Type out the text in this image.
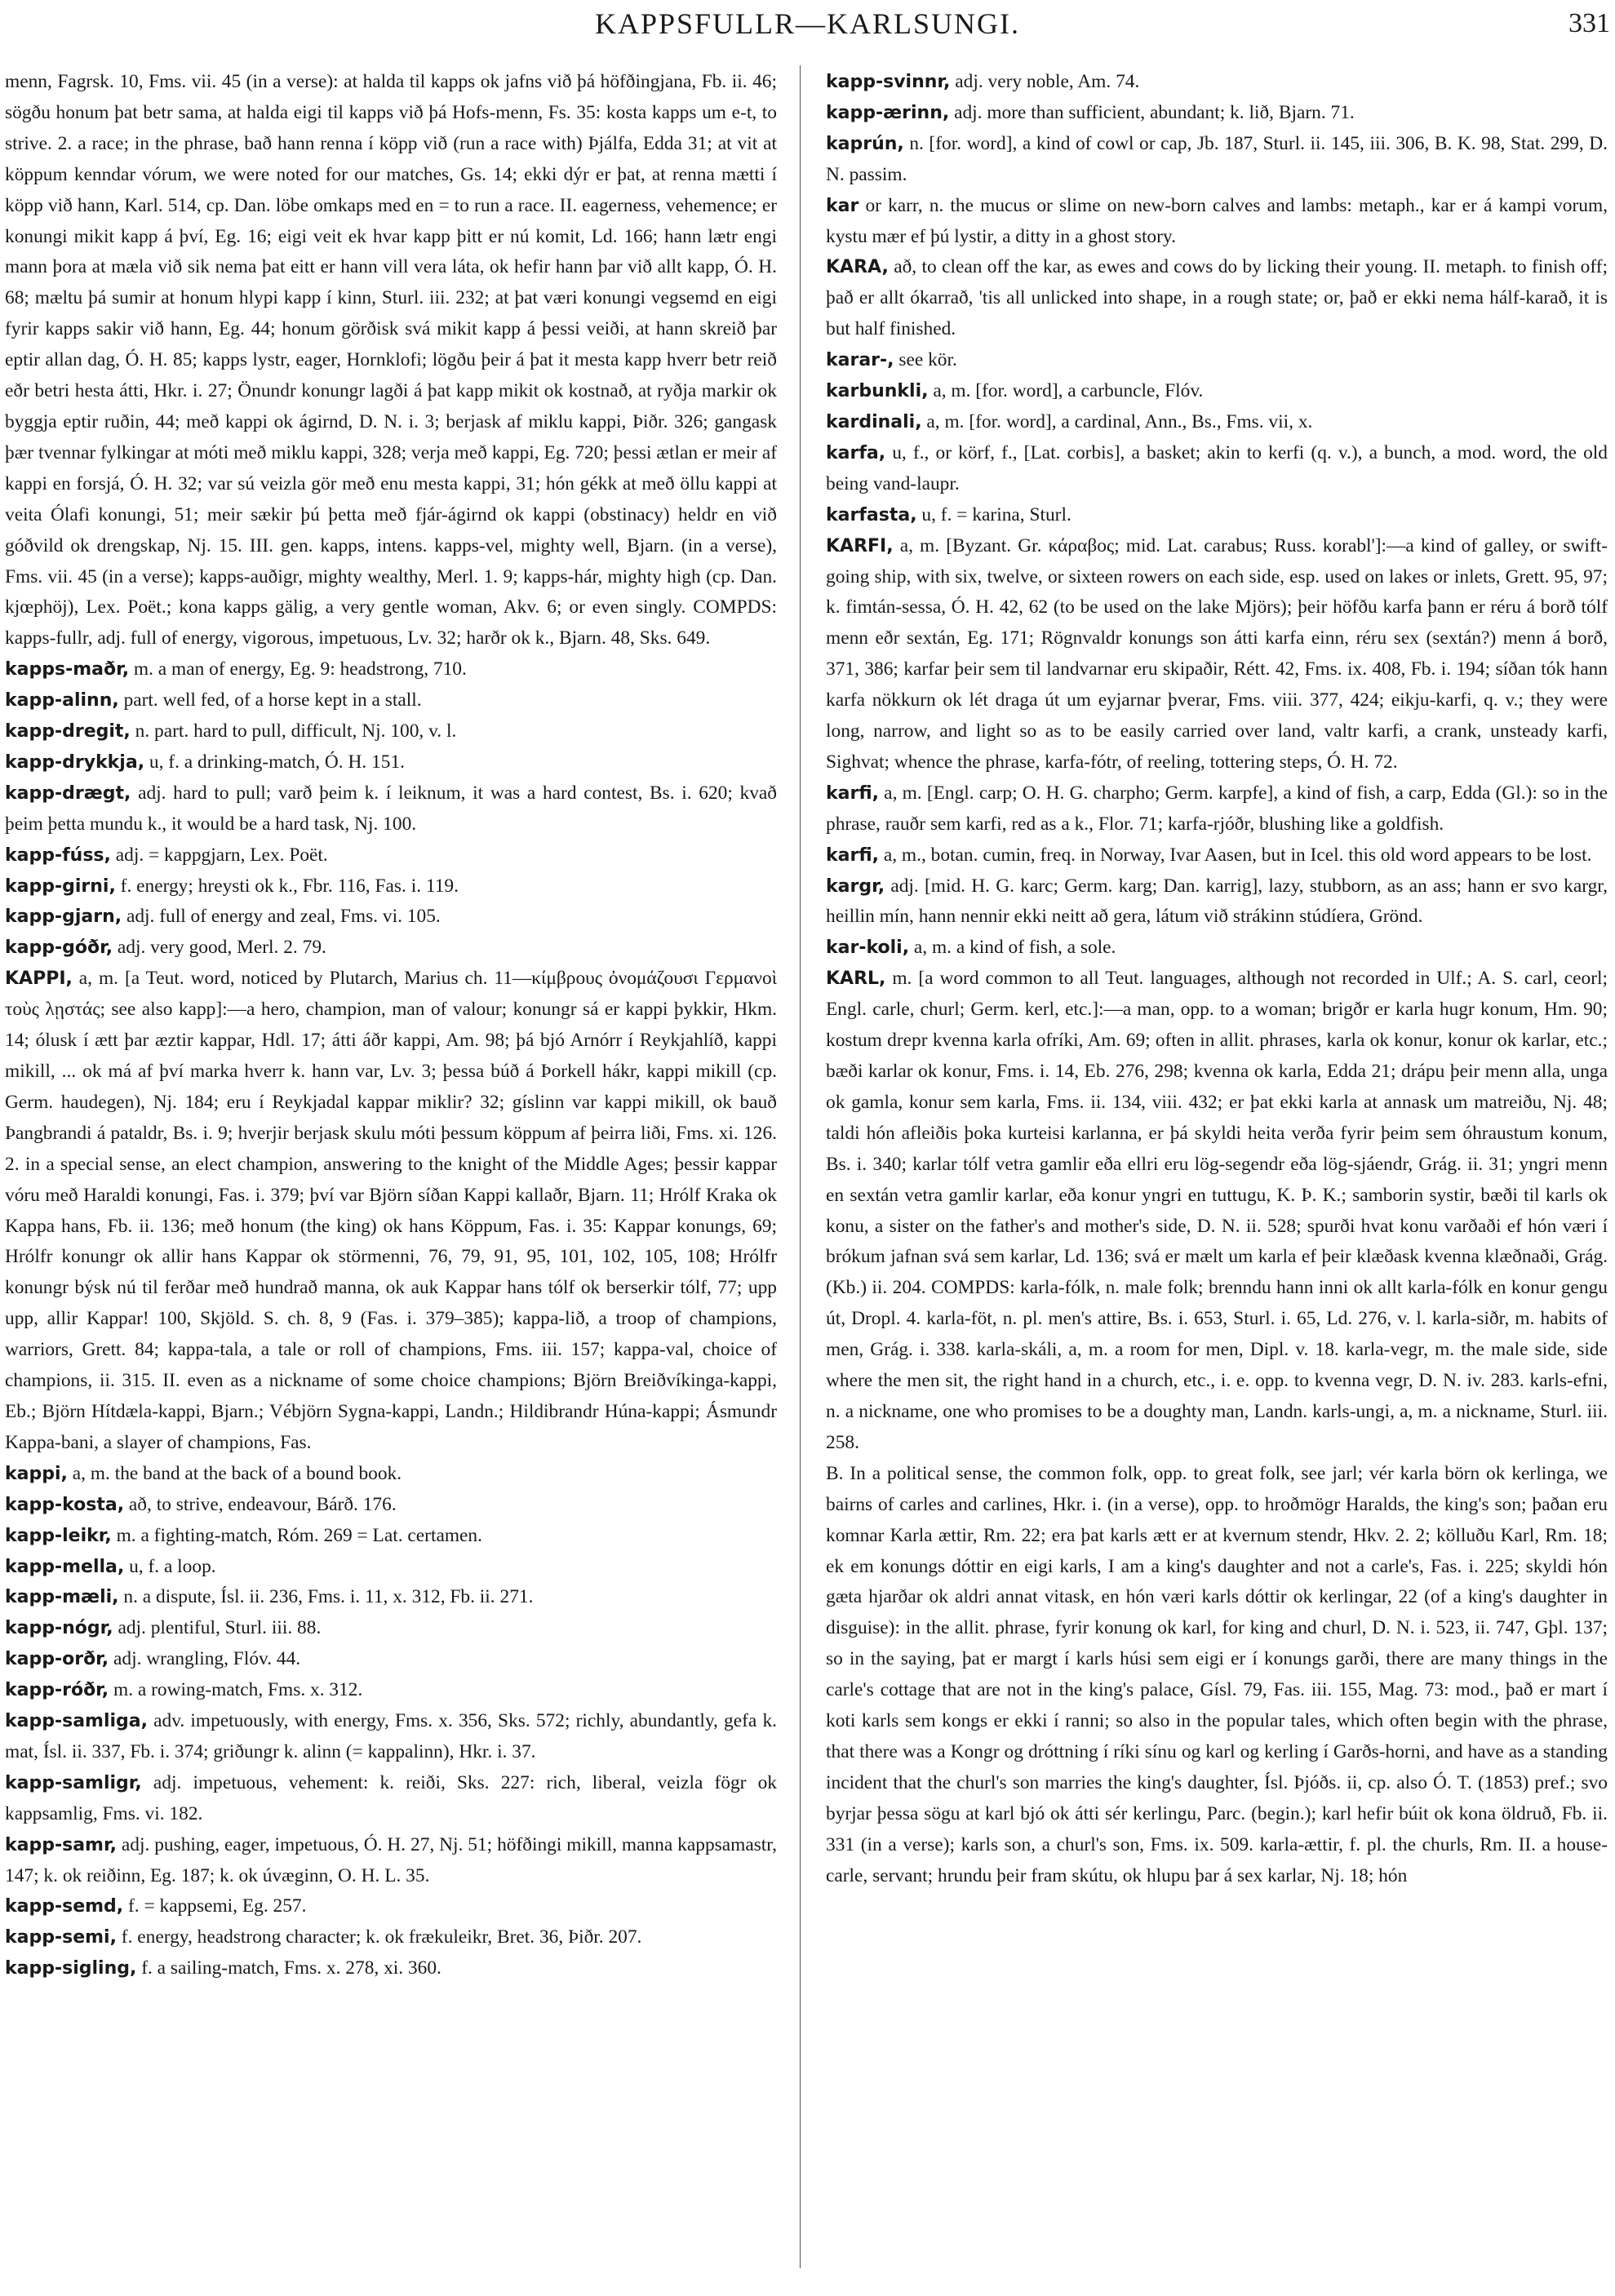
KAPPSFULLR—KARLSUNGI.	331

menn, Fagrsk. 10, Fms. vii. 45 (in a verse): at halda til kapps ok jafns við þá höfðingjana, Fb. ii. 46; sögðu honum þat betr sama, at halda eigi til kapps við þá Hofs-menn, Fs. 35: kosta kapps um e-t, to strive. 2. a race; in the phrase, bað hann renna í köpp við (run a race with) Þjálfa, Edda 31; at vit at köppum kenndar vórum, we were noted for our matches, Gs. 14; ekki dýr er þat, at renna mætti í köpp við hann, Karl. 514, cp. Dan. löbe omkaps med en = to run a race. II. eagerness, vehemence; er konungi mikit kapp á því, Eg. 16; eigi veit ek hvar kapp þitt er nú komit, Ld. 166; hann lætr engi mann þora at mæla við sik nema þat eitt er hann vill vera láta, ok hefir hann þar við allt kapp, Ó. H. 68; mæltu þá sumir at honum hlypi kapp í kinn, Sturl. iii. 232; at þat væri konungi vegsemd en eigi fyrir kapps sakir við hann, Eg. 44; honum görðisk svá mikit kapp á þessi veiði, at hann skreið þar eptir allan dag, Ó. H. 85; kapps lystr, eager, Hornklofi; lögðu þeir á þat it mesta kapp hverr betr reið eðr betri hesta átti, Hkr. i. 27; Önundr konungr lagði á þat kapp mikit ok kostnað, at ryðja markir ok byggja eptir ruðin, 44; með kappi ok ágirnd, D. N. i. 3; berjask af miklu kappi, Þiðr. 326; gangask þær tvennar fylkingar at móti með miklu kappi, 328; verja með kappi, Eg. 720; þessi ætlan er meir af kappi en forsjá, Ó. H. 32; var sú veizla gör með enu mesta kappi, 31; hón gékk at með öllu kappi at veita Ólafi konungi, 51; meir sækir þú þetta með fjár-ágirnd ok kappi (obstinacy) heldr en við góðvild ok drengskap, Nj. 15. III. gen. kapps, intens. kapps-vel, mighty well, Bjarn. (in a verse), Fms. vii. 45 (in a verse); kapps-auðigr, mighty wealthy, Merl. 1. 9; kapps-hár, mighty high (cp. Dan. kjœphöj), Lex. Poët.; kona kapps gälig, a very gentle woman, Akv. 6; or even singly. COMPDS: kapps-fullr, adj. full of energy, vigorous, impetuous, Lv. 32; harðr ok k., Bjarn. 48, Sks. 649.

kapps-maðr, m. a man of energy, Eg. 9: headstrong, 710.

kapp-alinn, part. well fed, of a horse kept in a stall.

kapp-dregit, n. part. hard to pull, difficult, Nj. 100, v. l.

kapp-drykkja, u, f. a drinking-match, Ó. H. 151.

kapp-drægt, adj. hard to pull; varð þeim k. í leiknum, it was a hard contest, Bs. i. 620; kvað þeim þetta mundu k., it would be a hard task, Nj. 100.

kapp-fúss, adj. = kappgjarn, Lex. Poët.

kapp-girni, f. energy; hreysti ok k., Fbr. 116, Fas. i. 119.

kapp-gjarn, adj. full of energy and zeal, Fms. vi. 105.

kapp-góðr, adj. very good, Merl. 2. 79.

KAPPI, a, m. [a Teut. word, noticed by Plutarch, Marius ch. 11—κίμβρους ὀνομάζουσι Γερμανοὶ τοὺς λῃστάς; see also kapp]:—a hero, champion, man of valour; konungr sá er kappi þykkir, Hkm. 14; ólusk í ætt þar æztir kappar, Hdl. 17; átti áðr kappi, Am. 98; þá bjó Arnórr í Reykjahlíð, kappi mikill, ... ok má af því marka hverr k. hann var, Lv. 3; þessa búð á Þorkell hákr, kappi mikill (cp. Germ. haudegen), Nj. 184; eru í Reykjadal kappar miklir? 32; gíslinn var kappi mikill, ok bauð Þangbrandi á pataldr, Bs. i. 9; hverjir berjask skulu móti þessum köppum af þeirra liði, Fms. xi. 126. 2. in a special sense, an elect champion, answering to the knight of the Middle Ages; þessir kappar vóru með Haraldi konungi, Fas. i. 379; því var Björn síðan Kappi kallaðr, Bjarn. 11; Hrólf Kraka ok Kappa hans, Fb. ii. 136; með honum (the king) ok hans Köppum, Fas. i. 35: Kappar konungs, 69; Hrólfr konungr ok allir hans Kappar ok störmenni, 76, 79, 91, 95, 101, 102, 105, 108; Hrólfr konungr býsk nú til ferðar með hundrað manna, ok auk Kappar hans tólf ok berserkir tólf, 77; upp upp, allir Kappar! 100, Skjöld. S. ch. 8, 9 (Fas. i. 379–385); kappa-lið, a troop of champions, warriors, Grett. 84; kappa-tala, a tale or roll of champions, Fms. iii. 157; kappa-val, choice of champions, ii. 315. II. even as a nickname of some choice champions; Björn Breiðvíkinga-kappi, Eb.; Björn Hítdæla-kappi, Bjarn.; Vébjörn Sygna-kappi, Landn.; Hildibrandr Húna-kappi; Ásmundr Kappa-bani, a slayer of champions, Fas.

kappi, a, m. the band at the back of a bound book.

kapp-kosta, að, to strive, endeavour, Bárð. 176.

kapp-leikr, m. a fighting-match, Róm. 269 = Lat. certamen.

kapp-mella, u, f. a loop.

kapp-mæli, n. a dispute, Ísl. ii. 236, Fms. i. 11, x. 312, Fb. ii. 271.

kapp-nógr, adj. plentiful, Sturl. iii. 88.

kapp-orðr, adj. wrangling, Flóv. 44.

kapp-róðr, m. a rowing-match, Fms. x. 312.

kapp-samliga, adv. impetuously, with energy, Fms. x. 356, Sks. 572; richly, abundantly, gefa k. mat, Ísl. ii. 337, Fb. i. 374; griðungr k. alinn (= kappalinn), Hkr. i. 37.

kapp-samligr, adj. impetuous, vehement: k. reiði, Sks. 227: rich, liberal, veizla fögr ok kappsamlig, Fms. vi. 182.

kapp-samr, adj. pushing, eager, impetuous, Ó. H. 27, Nj. 51; höfðingi mikill, manna kappsamastr, 147; k. ok reiðinn, Eg. 187; k. ok úvæginn, O. H. L. 35.

kapp-semd, f. = kappsemi, Eg. 257.

kapp-semi, f. energy, headstrong character; k. ok frækuleikr, Bret. 36, Þiðr. 207.

kapp-sigling, f. a sailing-match, Fms. x. 278, xi. 360.

kapp-svinnr, adj. very noble, Am. 74.

kapp-ærinn, adj. more than sufficient, abundant; k. lið, Bjarn. 71.

kaprún, n. [for. word], a kind of cowl or cap, Jb. 187, Sturl. ii. 145, iii. 306, B. K. 98, Stat. 299, D. N. passim.

kar or karr, n. the mucus or slime on new-born calves and lambs: metaph., kar er á kampi vorum, kystu mær ef þú lystir, a ditty in a ghost story.

KARA, að, to clean off the kar, as ewes and cows do by licking their young. II. metaph. to finish off; það er allt ókarrað, 'tis all unlicked into shape, in a rough state; or, það er ekki nema hálf-karað, it is but half finished.

karar-, see kör.

karbunkli, a, m. [for. word], a carbuncle, Flóv.

kardinali, a, m. [for. word], a cardinal, Ann., Bs., Fms. vii, x.

karfa, u, f., or körf, f., [Lat. corbis], a basket; akin to kerfi (q. v.), a bunch, a mod. word, the old being vand-laupr.

karfasta, u, f. = karina, Sturl.

KARFI, a, m. [Byzant. Gr. κάραβος; mid. Lat. carabus; Russ. korabl']:—a kind of galley, or swift-going ship, with six, twelve, or sixteen rowers on each side, esp. used on lakes or inlets, Grett. 95, 97; k. fimtán-sessa, Ó. H. 42, 62 (to be used on the lake Mjörs); þeir höfðu karfa þann er réru á borð tólf menn eðr sextán, Eg. 171; Rögnvaldr konungs son átti karfa einn, réru sex (sextán?) menn á borð, 371, 386; karfar þeir sem til landvarnar eru skipaðir, Rétt. 42, Fms. ix. 408, Fb. i. 194; síðan tók hann karfa nökkurn ok lét draga út um eyjarnar þverar, Fms. viii. 377, 424; eikju-karfi, q. v.; they were long, narrow, and light so as to be easily carried over land, valtr karfi, a crank, unsteady karfi, Sighvat; whence the phrase, karfa-fótr, of reeling, tottering steps, Ó. H. 72.

karfi, a, m. [Engl. carp; O. H. G. charpho; Germ. karpfe], a kind of fish, a carp, Edda (Gl.): so in the phrase, rauðr sem karfi, red as a k., Flor. 71; karfa-rjóðr, blushing like a goldfish.

karfi, a, m., botan. cumin, freq. in Norway, Ivar Aasen, but in Icel. this old word appears to be lost.

kargr, adj. [mid. H. G. karc; Germ. karg; Dan. karrig], lazy, stubborn, as an ass; hann er svo kargr, heillin mín, hann nennir ekki neitt að gera, látum við strákinn stúdíera, Grönd.

kar-koli, a, m. a kind of fish, a sole.

KARL, m. [a word common to all Teut. languages, although not recorded in Ulf.; A. S. carl, ceorl; Engl. carle, churl; Germ. kerl, etc.]:—a man, opp. to a woman; brigðr er karla hugr konum, Hm. 90; kostum drepr kvenna karla ofríki, Am. 69; often in allit. phrases, karla ok konur, konur ok karlar, etc.; bæði karlar ok konur, Fms. i. 14, Eb. 276, 298; kvenna ok karla, Edda 21; drápu þeir menn alla, unga ok gamla, konur sem karla, Fms. ii. 134, viii. 432; er þat ekki karla at annask um matreiðu, Nj. 48; taldi hón afleiðis þoka kurteisi karlanna, er þá skyldi heita verða fyrir þeim sem óhraustum konum, Bs. i. 340; karlar tólf vetra gamlir eða ellri eru lög-segendr eða lög-sjáendr, Grág. ii. 31; yngri menn en sextán vetra gamlir karlar, eða konur yngri en tuttugu, K. Þ. K.; samborin systir, bæði til karls ok konu, a sister on the father's and mother's side, D. N. ii. 528; spurði hvat konu varðaði ef hón væri í brókum jafnan svá sem karlar, Ld. 136; svá er mælt um karla ef þeir klæðask kvenna klæðnaði, Grág. (Kb.) ii. 204. COMPDS: karla-fólk, n. male folk; brenndu hann inni ok allt karla-fólk en konur gengu út, Dropl. 4. karla-föt, n. pl. men's attire, Bs. i. 653, Sturl. i. 65, Ld. 276, v. l. karla-siðr, m. habits of men, Grág. i. 338. karla-skáli, a, m. a room for men, Dipl. v. 18. karla-vegr, m. the male side, side where the men sit, the right hand in a church, etc., i. e. opp. to kvenna vegr, D. N. iv. 283. karls-efni, n. a nickname, one who promises to be a doughty man, Landn. karls-ungi, a, m. a nickname, Sturl. iii. 258.

B. In a political sense, the common folk, opp. to great folk, see jarl; vér karla börn ok kerlinga, we bairns of carles and carlines, Hkr. i. (in a verse), opp. to hroðmögr Haralds, the king's son; þaðan eru komnar Karla ættir, Rm. 22; era þat karls ætt er at kvernum stendr, Hkv. 2. 2; kölluðu Karl, Rm. 18; ek em konungs dóttir en eigi karls, I am a king's daughter and not a carle's, Fas. i. 225; skyldi hón gæta hjarðar ok aldri annat vitask, en hón væri karls dóttir ok kerlingar, 22 (of a king's daughter in disguise): in the allit. phrase, fyrir konung ok karl, for king and churl, D. N. i. 523, ii. 747, Gþl. 137; so in the saying, þat er margt í karls húsi sem eigi er í konungs garði, there are many things in the carle's cottage that are not in the king's palace, Gísl. 79, Fas. iii. 155, Mag. 73: mod., það er mart í koti karls sem kongs er ekki í ranni; so also in the popular tales, which often begin with the phrase, that there was a Kongr og dróttning í ríki sínu og karl og kerling í Garðs-horni, and have as a standing incident that the churl's son marries the king's daughter, Ísl. Þjóðs. ii, cp. also Ó. T. (1853) pref.; svo byrjar þessa sögu at karl bjó ok átti sér kerlingu, Parc. (begin.); karl hefir búit ok kona öldruð, Fb. ii. 331 (in a verse); karls son, a churl's son, Fms. ix. 509. karla-ættir, f. pl. the churls, Rm. II. a house-carle, servant; hrundu þeir fram skútu, ok hlupu þar á sex karlar, Nj. 18; hón
